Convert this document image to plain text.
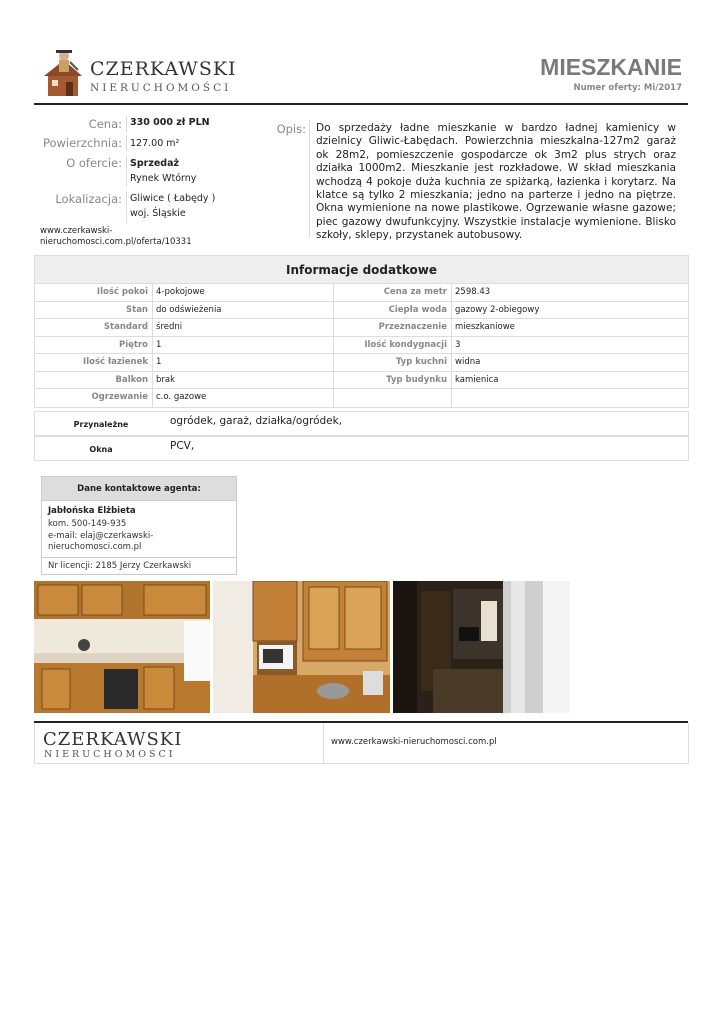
CZERKAWSKI
NIERUCHOMOŚCI
MIESZKANIE
Numer oferty: Mi/2017
Cena: 330 000 zł PLN
Powierzchnia: 127.00 m²
O ofercie: Sprzedaż
Rynek Wtórny
Lokalizacja: Gliwice ( Łabędy )
woj. Śląskie
www.czerkawski-
nieruchomosci.com.pl/oferta/10331
Opis: Do sprzedaży ładne mieszkanie w bardzo ładnej kamienicy w dzielnicy Gliwic-Łabędach. Powierzchnia mieszkalna-127m2 garaż ok 28m2, pomieszczenie gospodarcze ok 3m2 plus strych oraz działka 1000m2. Mieszkanie jest rozkładowe. W skład mieszkania wchodzą 4 pokoje duża kuchnia ze spiżarką, łazienka i korytarz. Na klatce są tylko 2 mieszkania; jedno na parterze i jedno na piętrze. Okna wymienione na nowe plastikowe. Ogrzewanie własne gazowe; piec gazowy dwufunkcyjny. Wszystkie instalacje wymienione. Blisko szkoły, sklepy, przystanek autobusowy.
Informacje dodatkowe
Ilość pokoi 4-pokojowe	Cena za metr 2598.43
Stan do odświeżenia	Ciepła woda gazowy 2-obiegowy
Standard średni	Przeznaczenie mieszkaniowe
Piętro 1	Ilość kondygnacji 3
Ilość łazienek 1	Typ kuchni widna
Balkon brak	Typ budynku kamienica
Ogrzewanie c.o. gazowe
Przynależne	ogródek, garaż, działka/ogródek,
Okna	PCV,
Dane kontaktowe agenta:
Jabłońska Elżbieta
kom. 500-149-935
e-mail: elaj@czerkawski-
nieruchomosci.com.pl
Nr licencji: 2185 Jerzy Czerkawski
CZERKAWSKI
NIERUCHOMOŚCI
www.czerkawski-nieruchomosci.com.pl
